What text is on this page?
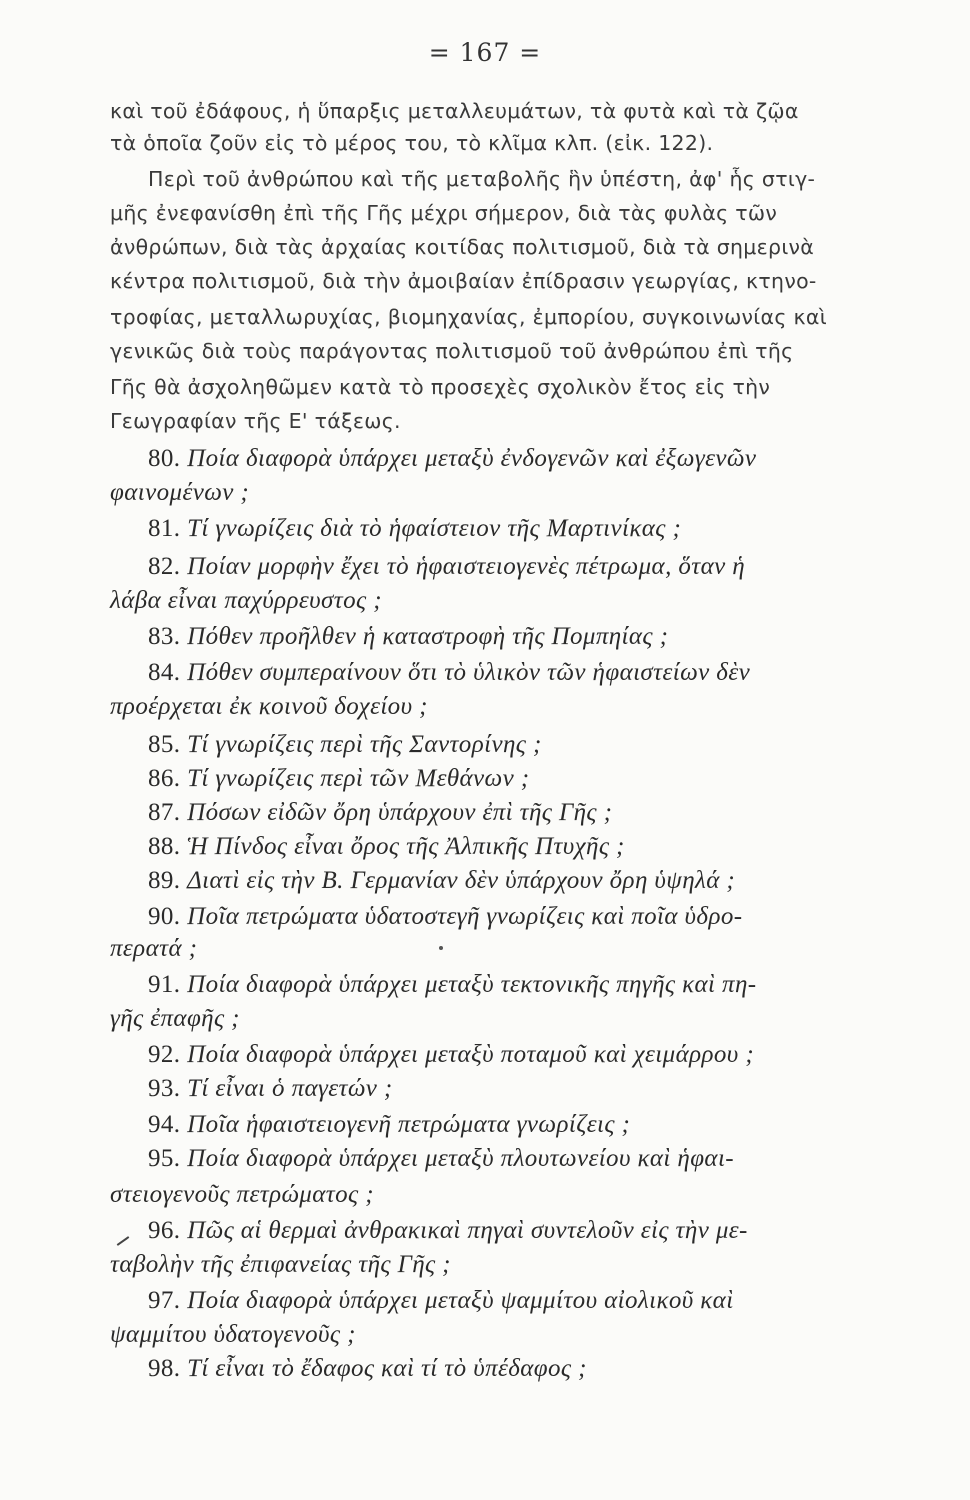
= 167 =
καὶ τοῦ ἐδάφους, ἡ ὕπαρξις μεταλλευμάτων, τὰ φυτὰ καὶ τὰ ζῷα
τὰ ὁποῖα ζοῦν εἰς τὸ μέρος του, τὸ κλῖμα κλπ. (εἰκ. 122).
Περὶ τοῦ ἀνθρώπου καὶ τῆς μεταβολῆς ἣν ὑπέστη, ἀφ' ἧς στιγ-
μῆς ἐνεφανίσθη ἐπὶ τῆς Γῆς μέχρι σήμερον, διὰ τὰς φυλὰς τῶν
ἀνθρώπων, διὰ τὰς ἀρχαίας κοιτίδας πολιτισμοῦ, διὰ τὰ σημερινὰ
κέντρα πολιτισμοῦ, διὰ τὴν ἀμοιβαίαν ἐπίδρασιν γεωργίας, κτηνο-
τροφίας, μεταλλωρυχίας, βιομηχανίας, ἐμπορίου, συγκοινωνίας καὶ
γενικῶς διὰ τοὺς παράγοντας πολιτισμοῦ τοῦ ἀνθρώπου ἐπὶ τῆς
Γῆς θὰ ἀσχοληθῶμεν κατὰ τὸ προσεχὲς σχολικὸν ἔτος εἰς τὴν
Γεωγραφίαν τῆς Ε' τάξεως.
80. Ποία διαφορὰ ὑπάρχει μεταξὺ ἐνδογενῶν καὶ ἐξωγενῶν
φαινομένων ;
81. Τί γνωρίζεις διὰ τὸ ἡφαίστειον τῆς Μαρτινίκας ;
82. Ποίαν μορφὴν ἔχει τὸ ἡφαιστειογενὲς πέτρωμα, ὅταν ἡ
λάβα εἶναι παχύρρευστος ;
83. Πόθεν προῆλθεν ἡ καταστροφὴ τῆς Πομπηίας ;
84. Πόθεν συμπεραίνουν ὅτι τὸ ὑλικὸν τῶν ἡφαιστείων δὲν
προέρχεται ἐκ κοινοῦ δοχείου ;
85. Τί γνωρίζεις περὶ τῆς Σαντορίνης ;
86. Τί γνωρίζεις περὶ τῶν Μεθάνων ;
87. Πόσων εἰδῶν ὄρη ὑπάρχουν ἐπὶ τῆς Γῆς ;
88. Ἡ Πίνδος εἶναι ὄρος τῆς Ἀλπικῆς Πτυχῆς ;
89. Διατὶ εἰς τὴν Β. Γερμανίαν δὲν ὑπάρχουν ὄρη ὑψηλά ;
90. Ποῖα πετρώματα ὑδατοστεγῆ γνωρίζεις καὶ ποῖα ὑδρο-
περατά ;
91. Ποία διαφορὰ ὑπάρχει μεταξὺ τεκτονικῆς πηγῆς καὶ πη-
γῆς ἐπαφῆς ;
92. Ποία διαφορὰ ὑπάρχει μεταξὺ ποταμοῦ καὶ χειμάρρου ;
93. Τί εἶναι ὁ παγετών ;
94. Ποῖα ἡφαιστειογενῆ πετρώματα γνωρίζεις ;
95. Ποία διαφορὰ ὑπάρχει μεταξὺ πλουτωνείου καὶ ἡφαι-
στειογενοῦς πετρώματος ;
96. Πῶς αἱ θερμαὶ ἀνθρακικαὶ πηγαὶ συντελοῦν εἰς τὴν με-
ταβολὴν τῆς ἐπιφανείας τῆς Γῆς ;
97. Ποία διαφορὰ ὑπάρχει μεταξὺ ψαμμίτου αἰολικοῦ καὶ
ψαμμίτου ὑδατογενοῦς ;
98. Τί εἶναι τὸ ἔδαφος καὶ τί τὸ ὑπέδαφος ;
